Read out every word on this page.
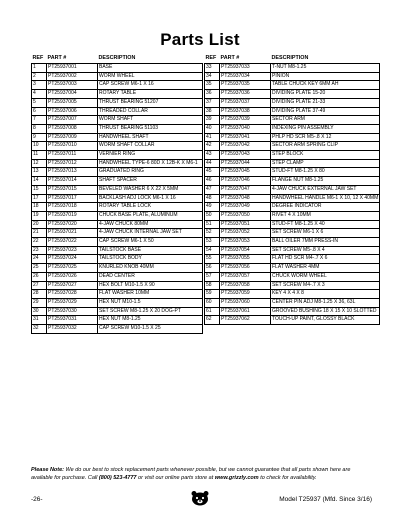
Parts List
REF	PART #	DESCRIPTION
1	PT25937001	BASE
2	PT25937002	WORM WHEEL
3	PT25937003	CAP SCREW M6-1 X 16
4	PT25937004	ROTARY TABLE
5	PT25937005	THRUST BEARING 51207
6	PT25937006	THREADED COLLAR
7	PT25937007	WORM SHAFT
8	PT25937008	THRUST BEARING 51103
9	PT25937009	HANDWHEEL SHAFT
10	PT25937010	WORM SHAFT COLLAR
11	PT25937011	VERNIER RING
12	PT25937012	HANDWHEEL TYPE-6 80D X 12B-K X M6-1
13	PT25937013	GRADUATED RING
14	PT25937014	SHAFT SPACER
15	PT25937015	BEVELED WASHER 6 X 22 X 5MM
17	PT25937017	BACKLASH ADJ LOCK M6-1 X 16
18	PT25937018	ROTARY TABLE LOCK
19	PT25937019	CHUCK BASE PLATE, ALUMINUM
20	PT25937020	4-JAW CHUCK 80MM
21	PT25937021	4-JAW CHUCK INTERNAL JAW SET
22	PT25937022	CAP SCREW M6-1 X 50
23	PT25937023	TAILSTOCK BASE
24	PT25937024	TAILSTOCK BODY
25	PT25937025	KNURLED KNOB 40MM
26	PT25937026	DEAD CENTER
27	PT25937027	HEX BOLT M10-1.5 X 90
28	PT25937028	FLAT WASHER 10MM
29	PT25937029	HEX NUT M10-1.5
30	PT25937030	SET SCREW M8-1.25 X 20 DOG-PT
31	PT25937031	HEX NUT M8-1.25
32	PT25937032	CAP SCREW M10-1.5 X 25
REF	PART #	DESCRIPTION
33	PT25937033	T-NUT M8-1.25
34	PT25937034	PINION
35	PT25937035	TABLE CHUCK KEY 6MM AH
36	PT25937036	DIVIDING PLATE 15-20
37	PT25937037	DIVIDING PLATE 21-33
38	PT25937038	DIVIDING PLATE 37-49
39	PT25937039	SECTOR ARM
40	PT25937040	INDEXING PIN ASSEMBLY
41	PT25937041	PHLP HD SCR M5-.8 X 12
42	PT25937042	SECTOR ARM SPRING CLIP
43	PT25937043	STEP BLOCK
44	PT25937044	STEP CLAMP
45	PT25937045	STUD-FT M8-1.25 X 80
46	PT25937046	FLANGE NUT M8-1.25
47	PT25937047	4-JAW CHUCK EXTERNAL JAW SET
48	PT25937048	HANDWHEEL HANDLE M6-1 X 10, 12 X 40MM
49	PT25937049	DEGREE INDICATOR
50	PT25937050	RIVET 4 X 10MM
51	PT25937051	STUD-FT M8-1.25 X 40
52	PT25937052	SET SCREW M6-1 X 6
53	PT25937053	BALL OILER 7MM PRESS-IN
54	PT25937054	SET SCREW M5-.8 X 4
55	PT25937055	FLAT HD SCR M4-.7 X 6
56	PT25937056	FLAT WASHER 4MM
57	PT25937057	CHUCK WORM WHEEL
58	PT25937058	SET SCREW M4-.7 X 3
59	PT25937059	KEY 4 X 4 X 8
60	PT25937060	CENTER PIN ADJ M8-1.25 X 36, 63L
61	PT25937061	GROOVED BUSHING 18 X 15 X 10 SLOTTED
62	PT25937062	TOUCH-UP PAINT, GLOSSY BLACK
Please Note: We do our best to stock replacement parts whenever possible, but we cannot guarantee that all parts shown here are available for purchase. Call (800) 523-4777 or visit our online parts store at www.grizzly.com to check for availability.
-26-	Model T25937 (Mfd. Since 3/16)
